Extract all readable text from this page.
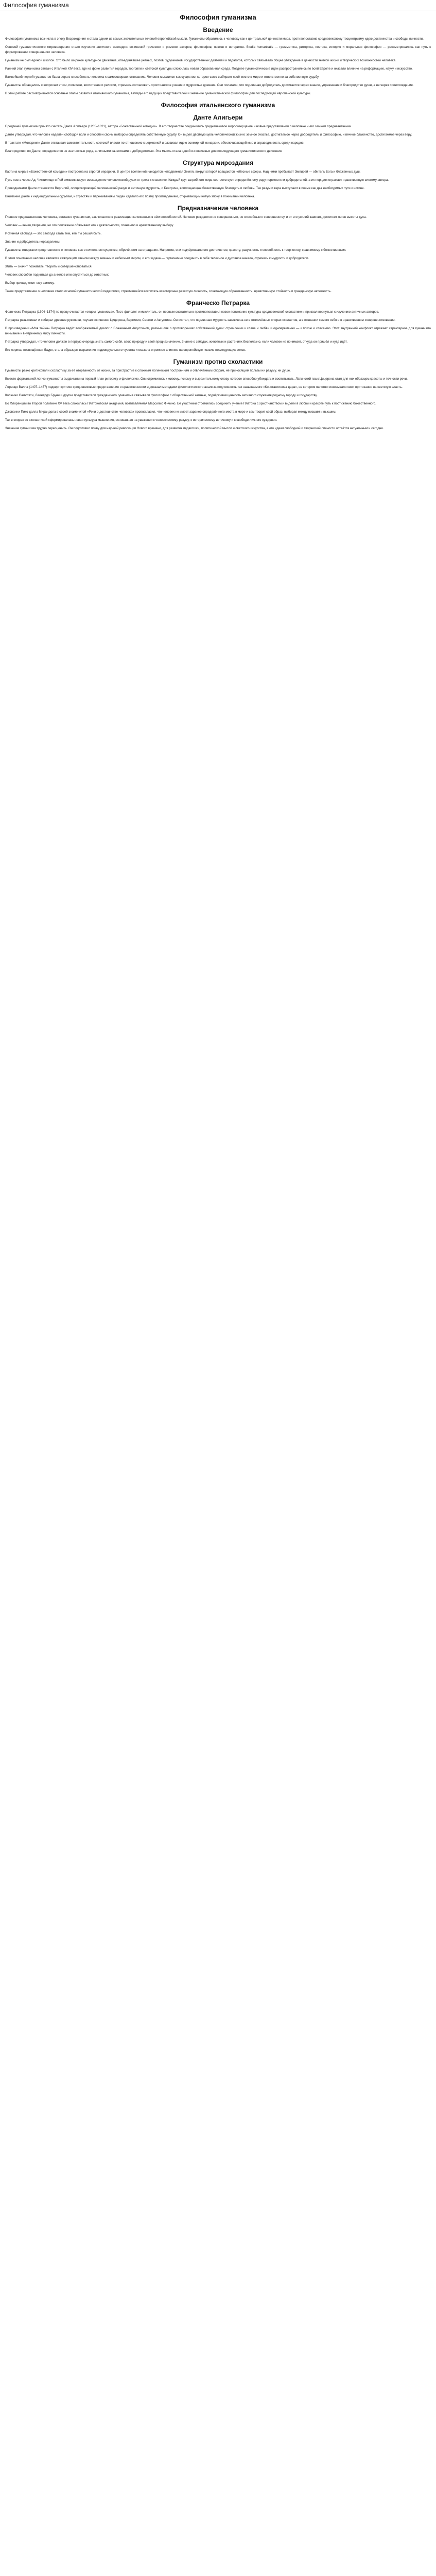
Философия гуманизма
Философия гуманизма
Введение

Философия гуманизма возникла в эпоху Возрождения и стала одним из самых значительных течений европейской мысли. Гуманисты обратились к человеку как к центральной ценности мира, противопоставив средневековому теоцентризму идею достоинства и свободы личности.

Основой гуманистического мировоззрения стало изучение античного наследия: сочинений греческих и римских авторов, философов, поэтов и историков. Studia humanitatis — грамматика, риторика, поэтика, история и моральная философия — рассматривались как путь к формированию совершенного человека.

Гуманизм не был единой школой. Это было широкое культурное движение, объединявшее учёных, поэтов, художников, государственных деятелей и педагогов, которых связывало общее убеждение в ценности земной жизни и творческих возможностей человека.

Ранний этап гуманизма связан с Италией XIV века, где на фоне развития городов, торговли и светской культуры сложилась новая образованная среда. Позднее гуманистические идеи распространились по всей Европе и оказали влияние на реформацию, науку и искусство.

Важнейшей чертой гуманистов была вера в способность человека к самосовершенствованию. Человек мыслился как существо, которое само выбирает своё место в мире и ответственно за собственную судьбу.

Гуманисты обращались к вопросам этики, политики, воспитания и религии, стремясь согласовать христианское учение с мудростью древних. Они полагали, что подлинная добродетель достигается через знание, упражнение и благородство души, а не через происхождение.

В этой работе рассматриваются основные этапы развития итальянского гуманизма, взгляды его ведущих представителей и значение гуманистической философии для последующей европейской культуры.

Философия итальянского гуманизма
Данте Алигьери

Предтечей гуманизма принято считать Данте Алигьери (1265–1321), автора «Божественной комедии». В его творчестве соединились средневековое миросозерцание и новые представления о человеке и его земном предназначении.

Данте утверждал, что человек наделён свободой воли и способен своим выбором определять собственную судьбу. Он видел двойную цель человеческой жизни: земное счастье, достигаемое через добродетель и философию, и вечное блаженство, достигаемое через веру.

В трактате «Монархия» Данте отстаивал самостоятельность светской власти по отношению к церковной и развивал идею всемирной монархии, обеспечивающей мир и справедливость среди народов.

Благородство, по Данте, определяется не знатностью рода, а личными качествами и добродетелью. Эта мысль стала одной из ключевых для последующего гуманистического движения.

Структура мироздания

Картина мира в «Божественной комедии» построена на строгой иерархии. В центре вселенной находится неподвижная Земля, вокруг которой вращаются небесные сферы. Над ними пребывает Эмпирей — обитель Бога и блаженных душ.

Путь поэта через Ад, Чистилище и Рай символизирует восхождение человеческой души от греха к спасению. Каждый круг загробного мира соответствует определённому роду пороков или добродетелей, а их порядок отражает нравственную систему автора.

Проводниками Данте становятся Вергилий, олицетворяющий человеческий разум и античную мудрость, и Беатриче, воплощающая божественную благодать и любовь. Так разум и вера выступают в поэме как два необходимых пути к истине.

Внимание Данте к индивидуальным судьбам, к страстям и переживаниям людей сделало его поэму произведением, открывающим новую эпоху в понимании человека.

Предназначение человека

Главное предназначение человека, согласно гуманистам, заключается в реализации заложенных в нём способностей. Человек рождается не совершенным, но способным к совершенству, и от его усилий зависит, достигнет ли он высоты духа.

Человек — венец творения, но это положение обязывает его к деятельности, познанию и нравственному выбору.

Истинная свобода — это свобода стать тем, кем ты решил быть.

Знание и добродетель неразделимы.

Гуманисты отвергали представление о человеке как о ничтожном существе, обречённом на страдания. Напротив, они подчёркивали его достоинство, красоту, разумность и способность к творчеству, сравнимому с божественным.

В этом понимании человек является связующим звеном между земным и небесным миром, и его задача — гармонично соединить в себе телесное и духовное начала, стремясь к мудрости и добродетели.

Жить — значит познавать, творить и совершенствоваться.

Человек способен подняться до ангелов или опуститься до животных.

Выбор принадлежит ему самому.

Такое представление о человеке стало основой гуманистической педагогики, стремившейся воспитать всесторонне развитую личность, сочетающую образованность, нравственную стойкость и гражданскую активность.

Франческо Петрарка

Франческо Петрарка (1304–1374) по праву считается «отцом гуманизма». Поэт, филолог и мыслитель, он первым сознательно противопоставил новое понимание культуры средневековой схоластике и призвал вернуться к изучению античных авторов.

Петрарка разыскивал и собирал древние рукописи, изучал сочинения Цицерона, Вергилия, Сенеки и Августина. Он считал, что подлинная мудрость заключена не в отвлечённых спорах схоластов, а в познании самого себя и в нравственном совершенствовании.

В произведении «Моя тайна» Петрарка ведёт воображаемый диалог с Блаженным Августином, размышляя о противоречиях собственной души: стремлении к славе и любви и одновременно — к покою и спасению. Этот внутренний конфликт отражает характерное для гуманизма внимание к внутреннему миру личности.

Петрарка утверждал, что человек должен в первую очередь знать самого себя, свою природу и своё предназначение. Знание о звёздах, животных и растениях бесполезно, если человек не понимает, откуда он пришёл и куда идёт.

Его лирика, посвящённая Лауре, стала образцом выражения индивидуального чувства и оказала огромное влияние на европейскую поэзию последующих веков.

Гуманизм против схоластики

Гуманисты резко критиковали схоластику за её оторванность от жизни, за пристрастие к сложным логическим построениям и отвлечённым спорам, не приносящим пользы ни разуму, ни душе.

Вместо формальной логики гуманисты выдвигали на первый план риторику и филологию. Они стремились к живому, ясному и выразительному слову, которое способно убеждать и воспитывать. Латинский язык Цицерона стал для них образцом красоты и точности речи.

Лоренцо Валла (1407–1457) подверг критике средневековые представления о нравственности и доказал методами филологического анализа подложность так называемого «Константинова дара», на котором папство основывало свои притязания на светскую власть.

Колюччо Салютати, Леонардо Бруни и другие представители гражданского гуманизма связывали философию с общественной жизнью, подчёркивая ценность активного служения родному городу и государству.

Во Флоренции во второй половине XV века сложилась Платоновская академия, возглавляемая Марсилио Фичино. Её участники стремились соединить учение Платона с христианством и видели в любви и красоте путь к постижению божественного.

Джованни Пико делла Мирандола в своей знаменитой «Речи о достоинстве человека» провозгласил, что человек не имеет заранее определённого места в мире и сам творит свой образ, выбирая между низшим и высшим.

Так в спорах со схоластикой сформировалась новая культура мышления, основанная на уважении к человеческому разуму, к историческому источнику и к свободе личного суждения.

Значение гуманизма трудно переоценить. Он подготовил почву для научной революции Нового времени, для развития педагогики, политической мысли и светского искусства, а его идеал свободной и творческой личности остаётся актуальным и сегодня.
